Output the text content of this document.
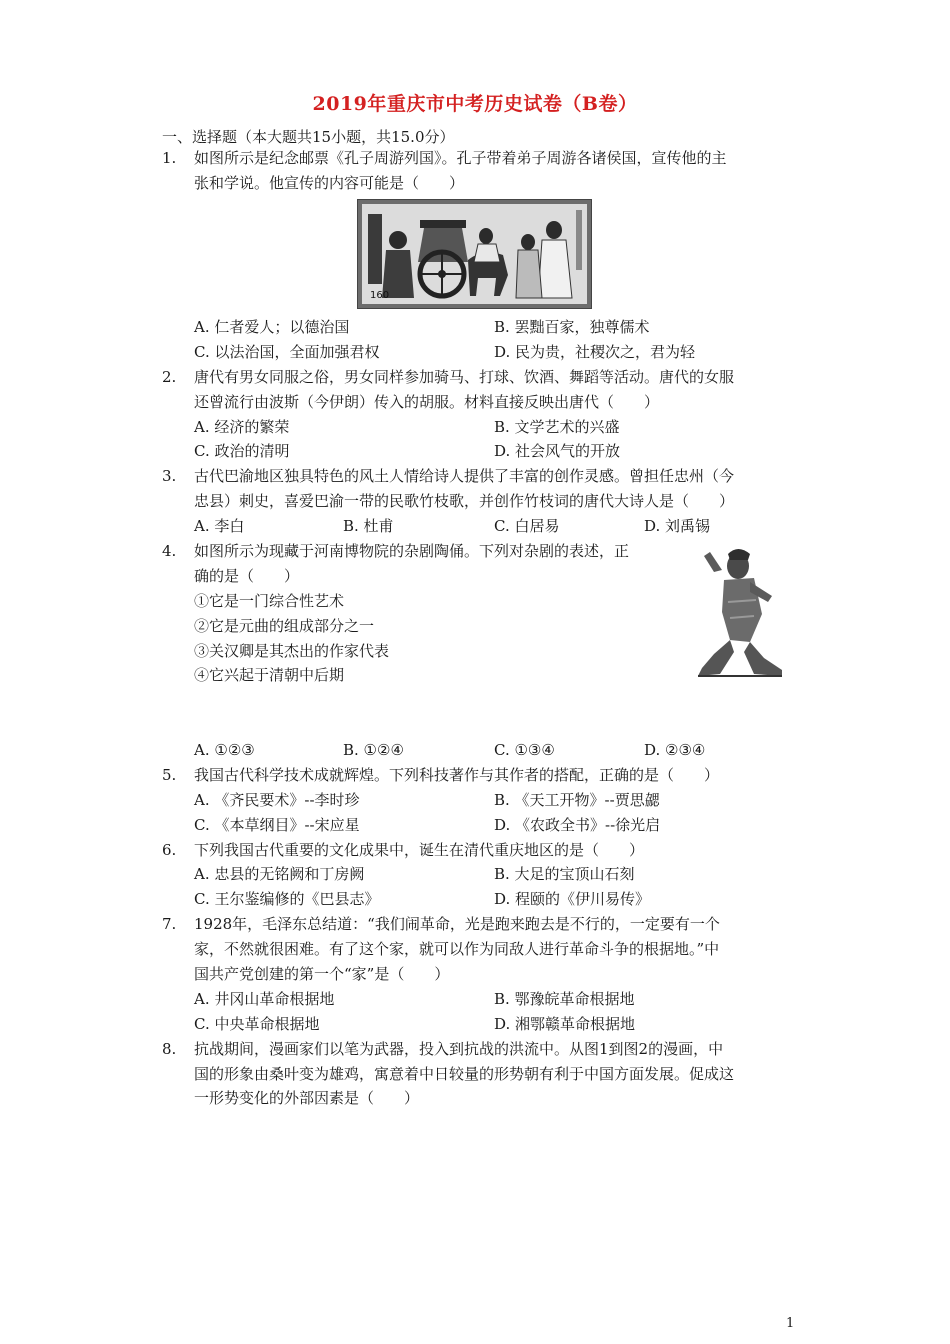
2019年重庆市中考历史试卷（B卷）
一、选择题（本大题共15小题，共15.0分）
1. 如图所示是纪念邮票《孔子周游列国》。孔子带着弟子周游各诸侯国，宣传他的主
张和学说。他宣传的内容可能是（　　）
160
A. 仁者爱人；以德治国	B. 罢黜百家，独尊儒术
C. 以法治国，全面加强君权	D. 民为贵，社稷次之，君为轻
2. 唐代有男女同服之俗，男女同样参加骑马、打球、饮酒、舞蹈等活动。唐代的女服
还曾流行由波斯（今伊朗）传入的胡服。材料直接反映出唐代（　　）
A. 经济的繁荣	B. 文学艺术的兴盛
C. 政治的清明	D. 社会风气的开放
3. 古代巴渝地区独具特色的风土人情给诗人提供了丰富的创作灵感。曾担任忠州（今
忠县）刺史，喜爱巴渝一带的民歌竹枝歌，并创作竹枝词的唐代大诗人是（　　）
A. 李白	B. 杜甫	C. 白居易	D. 刘禹锡
4. 如图所示为现藏于河南博物院的杂剧陶俑。下列对杂剧的表述，正
确的是（　　）
①它是一门综合性艺术
②它是元曲的组成部分之一
③关汉卿是其杰出的作家代表
④它兴起于清朝中后期
A. ①②③	B. ①②④	C. ①③④	D. ②③④
5. 我国古代科学技术成就辉煌。下列科技著作与其作者的搭配，正确的是（　　）
A. 《齐民要术》--李时珍	B. 《天工开物》--贾思勰
C. 《本草纲目》--宋应星	D. 《农政全书》--徐光启
6. 下列我国古代重要的文化成果中，诞生在清代重庆地区的是（　　）
A. 忠县的无铭阙和丁房阙	B. 大足的宝顶山石刻
C. 王尔鉴编修的《巴县志》	D. 程颐的《伊川易传》
7. 1928年，毛泽东总结道：“我们闹革命，光是跑来跑去是不行的，一定要有一个
家，不然就很困难。有了这个家，就可以作为同敌人进行革命斗争的根据地。”中
国共产党创建的第一个“家”是（　　）
A. 井冈山革命根据地	B. 鄂豫皖革命根据地
C. 中央革命根据地	D. 湘鄂赣革命根据地
8. 抗战期间，漫画家们以笔为武器，投入到抗战的洪流中。从图1到图2的漫画，中
国的形象由桑叶变为雄鸡，寓意着中日较量的形势朝有利于中国方面发展。促成这
一形势变化的外部因素是（　　）
1
